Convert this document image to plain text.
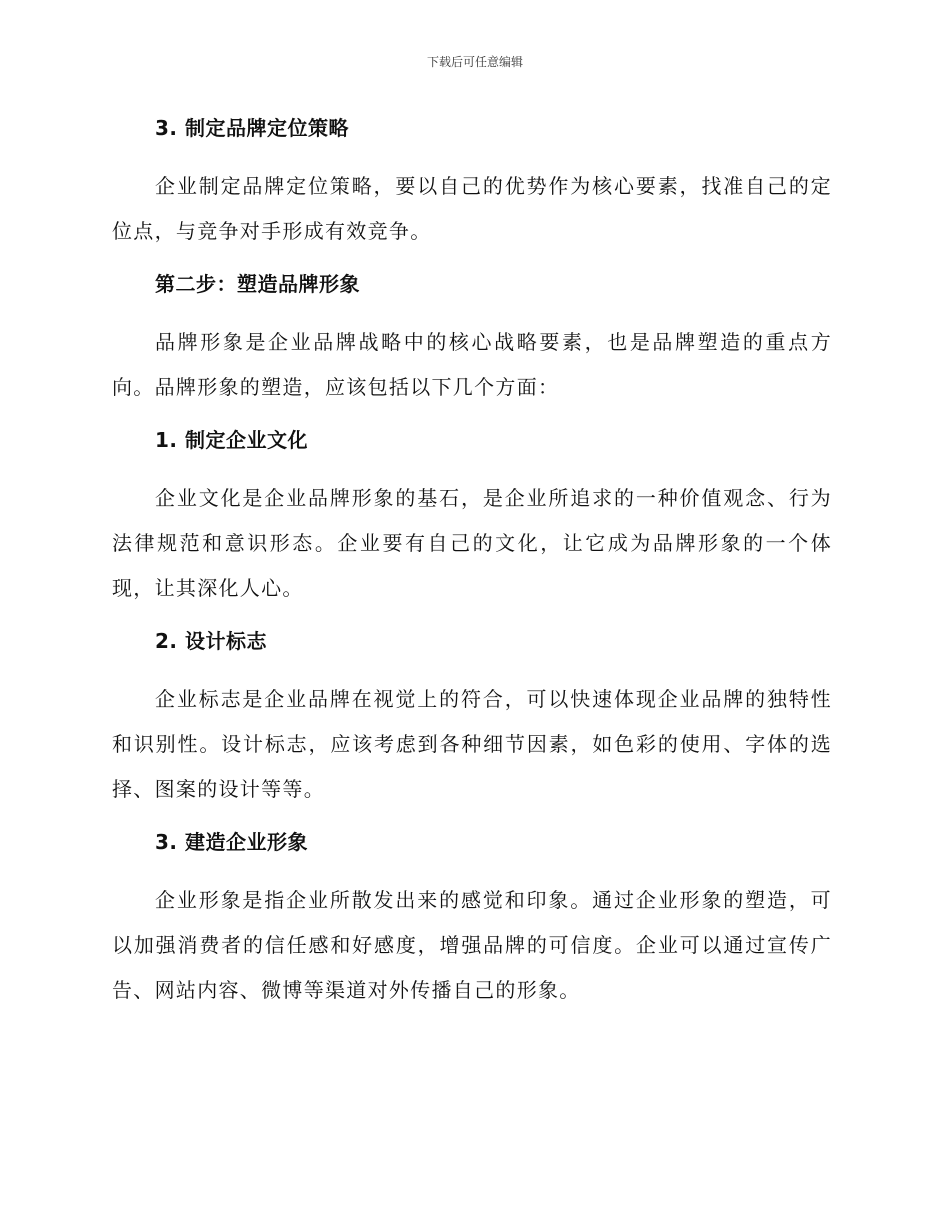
下载后可任意编辑
3. 制定品牌定位策略

企业制定品牌定位策略，要以自己的优势作为核心要素，找准自己的定位点，与竞争对手形成有效竞争。

第二步：塑造品牌形象

品牌形象是企业品牌战略中的核心战略要素，也是品牌塑造的重点方向。品牌形象的塑造，应该包括以下几个方面：

1. 制定企业文化

企业文化是企业品牌形象的基石，是企业所追求的一种价值观念、行为法律规范和意识形态。企业要有自己的文化，让它成为品牌形象的一个体现，让其深化人心。

2. 设计标志

企业标志是企业品牌在视觉上的符合，可以快速体现企业品牌的独特性和识别性。设计标志，应该考虑到各种细节因素，如色彩的使用、字体的选择、图案的设计等等。

3. 建造企业形象

企业形象是指企业所散发出来的感觉和印象。通过企业形象的塑造，可以加强消费者的信任感和好感度，增强品牌的可信度。企业可以通过宣传广告、网站内容、微博等渠道对外传播自己的形象。
